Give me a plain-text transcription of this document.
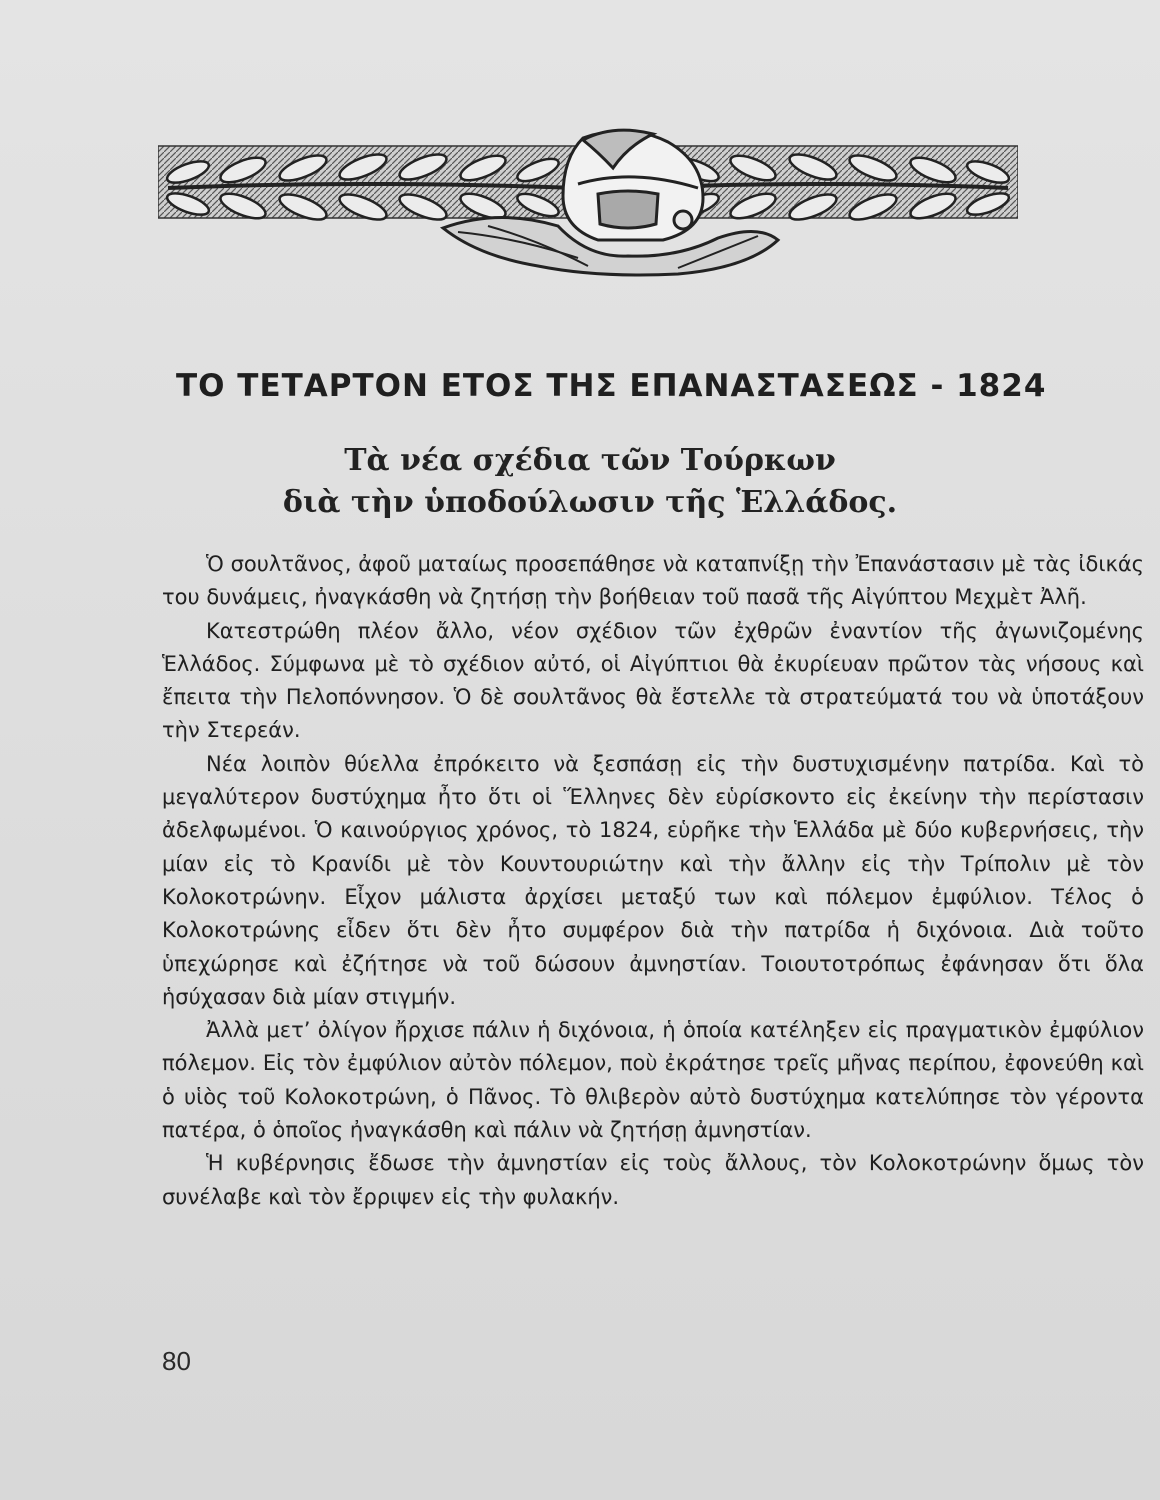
ΤΟ ΤΕΤΑΡΤΟΝ ΕΤΟΣ ΤΗΣ ΕΠΑΝΑΣΤΑΣΕΩΣ - 1824
Τὰ νέα σχέδια τῶν Τούρκων
διὰ τὴν ὑποδούλωσιν τῆς Ἑλλάδος.

Ὁ σουλτᾶνος, ἀφοῦ ματαίως προσεπάθησε νὰ καταπνίξῃ τὴν Ἐπανάστασιν μὲ τὰς ἰδικάς του δυνάμεις, ἠναγκάσθη νὰ ζητήσῃ τὴν βοήθειαν τοῦ πασᾶ τῆς Αἰγύπτου Μεχμὲτ Ἀλῆ.

Κατεστρώθη πλέον ἄλλο, νέον σχέδιον τῶν ἐχθρῶν ἐναντίον τῆς ἀγωνιζομένης Ἑλλάδος. Σύμφωνα μὲ τὸ σχέδιον αὐτό, οἱ Αἰγύπτιοι θὰ ἐκυρίευαν πρῶτον τὰς νήσους καὶ ἔπειτα τὴν Πελοπόννησον. Ὁ δὲ σουλτᾶνος θὰ ἔστελλε τὰ στρατεύματά του νὰ ὑποτάξουν τὴν Στερεάν.

Νέα λοιπὸν θύελλα ἐπρόκειτο νὰ ξεσπάσῃ εἰς τὴν δυστυχισμένην πατρίδα. Καὶ τὸ μεγαλύτερον δυστύχημα ἦτο ὅτι οἱ Ἕλληνες δὲν εὑρίσκοντο εἰς ἐκείνην τὴν περίστασιν ἀδελφωμένοι. Ὁ καινούργιος χρόνος, τὸ 1824, εὑρῆκε τὴν Ἑλλάδα μὲ δύο κυβερνήσεις, τὴν μίαν εἰς τὸ Κρανίδι μὲ τὸν Κουντουριώτην καὶ τὴν ἄλλην εἰς τὴν Τρίπολιν μὲ τὸν Κολοκοτρώνην. Εἶχον μάλιστα ἀρχίσει μεταξύ των καὶ πόλεμον ἐμφύλιον. Τέλος ὁ Κολοκοτρώνης εἶδεν ὅτι δὲν ἦτο συμφέρον διὰ τὴν πατρίδα ἡ διχόνοια. Διὰ τοῦτο ὑπεχώρησε καὶ ἐζήτησε νὰ τοῦ δώσουν ἀμνηστίαν. Τοιουτοτρόπως ἐφάνησαν ὅτι ὅλα ἡσύχασαν διὰ μίαν στιγμήν.

Ἀλλὰ μετ’ ὀλίγον ἤρχισε πάλιν ἡ διχόνοια, ἡ ὁποία κατέληξεν εἰς πραγματικὸν ἐμφύλιον πόλεμον. Εἰς τὸν ἐμφύλιον αὐτὸν πόλεμον, ποὺ ἐκράτησε τρεῖς μῆνας περίπου, ἐφονεύθη καὶ ὁ υἱὸς τοῦ Κολοκοτρώνη, ὁ Πᾶνος. Τὸ θλιβερὸν αὐτὸ δυστύχημα κατελύπησε τὸν γέροντα πατέρα, ὁ ὁποῖος ἠναγκάσθη καὶ πάλιν νὰ ζητήσῃ ἀμνηστίαν.

Ἡ κυβέρνησις ἔδωσε τὴν ἀμνηστίαν εἰς τοὺς ἄλλους, τὸν Κολοκοτρώνην ὅμως τὸν συνέλαβε καὶ τὸν ἔρριψεν εἰς τὴν φυλακήν.

80
